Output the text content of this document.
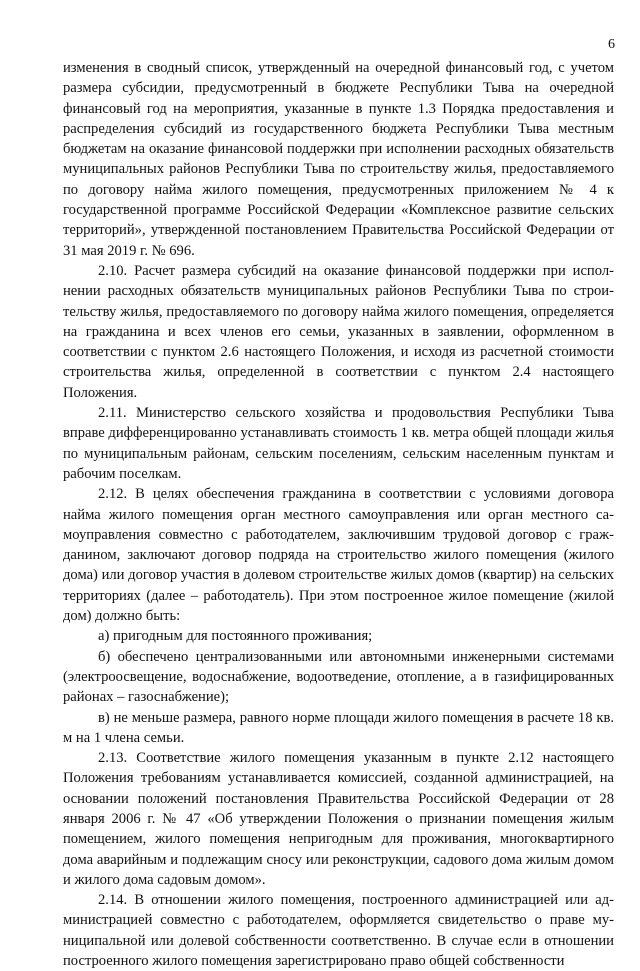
6

изменения в сводный список, утвержденный на очередной финансовый год, с учетом размера субсидии, предусмотренный в бюджете Республики Тыва на очередной финансовый год на мероприятия, указанные в пункте 1.3 Порядка предоставления и распределения субсидий из государственного бюджета Республики Тыва местным бюджетам на оказание финансовой поддержки при исполнении расходных обязательств муниципальных районов Республики Тыва по строительству жилья, предоставляемого по договору найма жилого помещения, предусмотренных приложением № 4 к государственной программе Российской Федерации «Комплексное развитие сельских территорий», утвержденной постановлением Правительства Российской Федерации от 31 мая 2019 г. № 696.

2.10. Расчет размера субсидий на оказание финансовой поддержки при исполнении расходных обязательств муниципальных районов Республики Тыва по строительству жилья, предоставляемого по договору найма жилого помещения, определяется на гражданина и всех членов его семьи, указанных в заявлении, оформленном в соответствии с пунктом 2.6 настоящего Положения, и исходя из расчетной стоимости строительства жилья, определенной в соответствии с пунктом 2.4 настоящего Положения.

2.11. Министерство сельского хозяйства и продовольствия Республики Тыва вправе дифференцированно устанавливать стоимость 1 кв. метра общей площади жилья по муниципальным районам, сельским поселениям, сельским населенным пунктам и рабочим поселкам.

2.12. В целях обеспечения гражданина в соответствии с условиями договора найма жилого помещения орган местного самоуправления или орган местного самоуправления совместно с работодателем, заключившим трудовой договор с гражданином, заключают договор подряда на строительство жилого помещения (жилого дома) или договор участия в долевом строительстве жилых домов (квартир) на сельских территориях (далее – работодатель). При этом построенное жилое помещение (жилой дом) должно быть:

а) пригодным для постоянного проживания;

б) обеспечено централизованными или автономными инженерными системами (электроосвещение, водоснабжение, водоотведение, отопление, а в газифицированных районах – газоснабжение);

в) не меньше размера, равного норме площади жилого помещения в расчете 18 кв. м на 1 члена семьи.

2.13. Соответствие жилого помещения указанным в пункте 2.12 настоящего Положения требованиям устанавливается комиссией, созданной администрацией, на основании положений постановления Правительства Российской Федерации от 28 января 2006 г. № 47 «Об утверждении Положения о признании помещения жилым помещением, жилого помещения непригодным для проживания, многоквартирного дома аварийным и подлежащим сносу или реконструкции, садового дома жилым домом и жилого дома садовым домом».

2.14. В отношении жилого помещения, построенного администрацией или администрацией совместно с работодателем, оформляется свидетельство о праве муниципальной или долевой собственности соответственно. В случае если в отношении построенного жилого помещения зарегистрировано право общей собственности
